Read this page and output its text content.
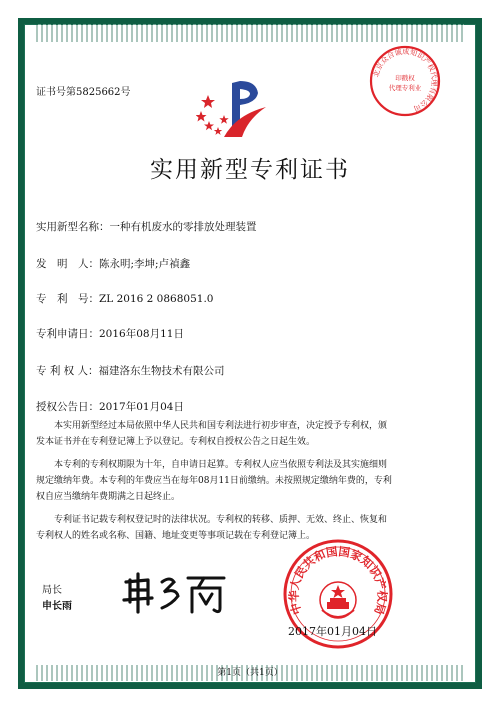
证书号第5825662号
北京众合诚成知识产权代理有限公司
印戳权
代理专利业
实用新型专利证书
实用新型名称：一种有机废水的零排放处理装置
发　明　人：陈永明;李坤;卢禎鑫
专　利　号：ZL 2016 2 0868051.0
专利申请日：2016年08月11日
专 利 权 人：福建洛东生物技术有限公司
授权公告日：2017年01月04日

本实用新型经过本局依照中华人民共和国专利法进行初步审查，决定授予专利权，颁

发本证书并在专利登记簿上予以登记。专利权自授权公告之日起生效。

本专利的专利权期限为十年，自申请日起算。专利权人应当依照专利法及其实施细则

规定缴纳年费。本专利的年费应当在每年08月11日前缴纳。未按照规定缴纳年费的，专利
权自应当缴纳年费期满之日起终止。

专利证书记载专利权登记时的法律状况。专利权的转移、质押、无效、终止、恢复和

专利权人的姓名或名称、国籍、地址变更等事项记载在专利登记簿上。
局长
申长雨	中华人民共和国国家知识产权局
2017年01月04日
第1页（共1页）
